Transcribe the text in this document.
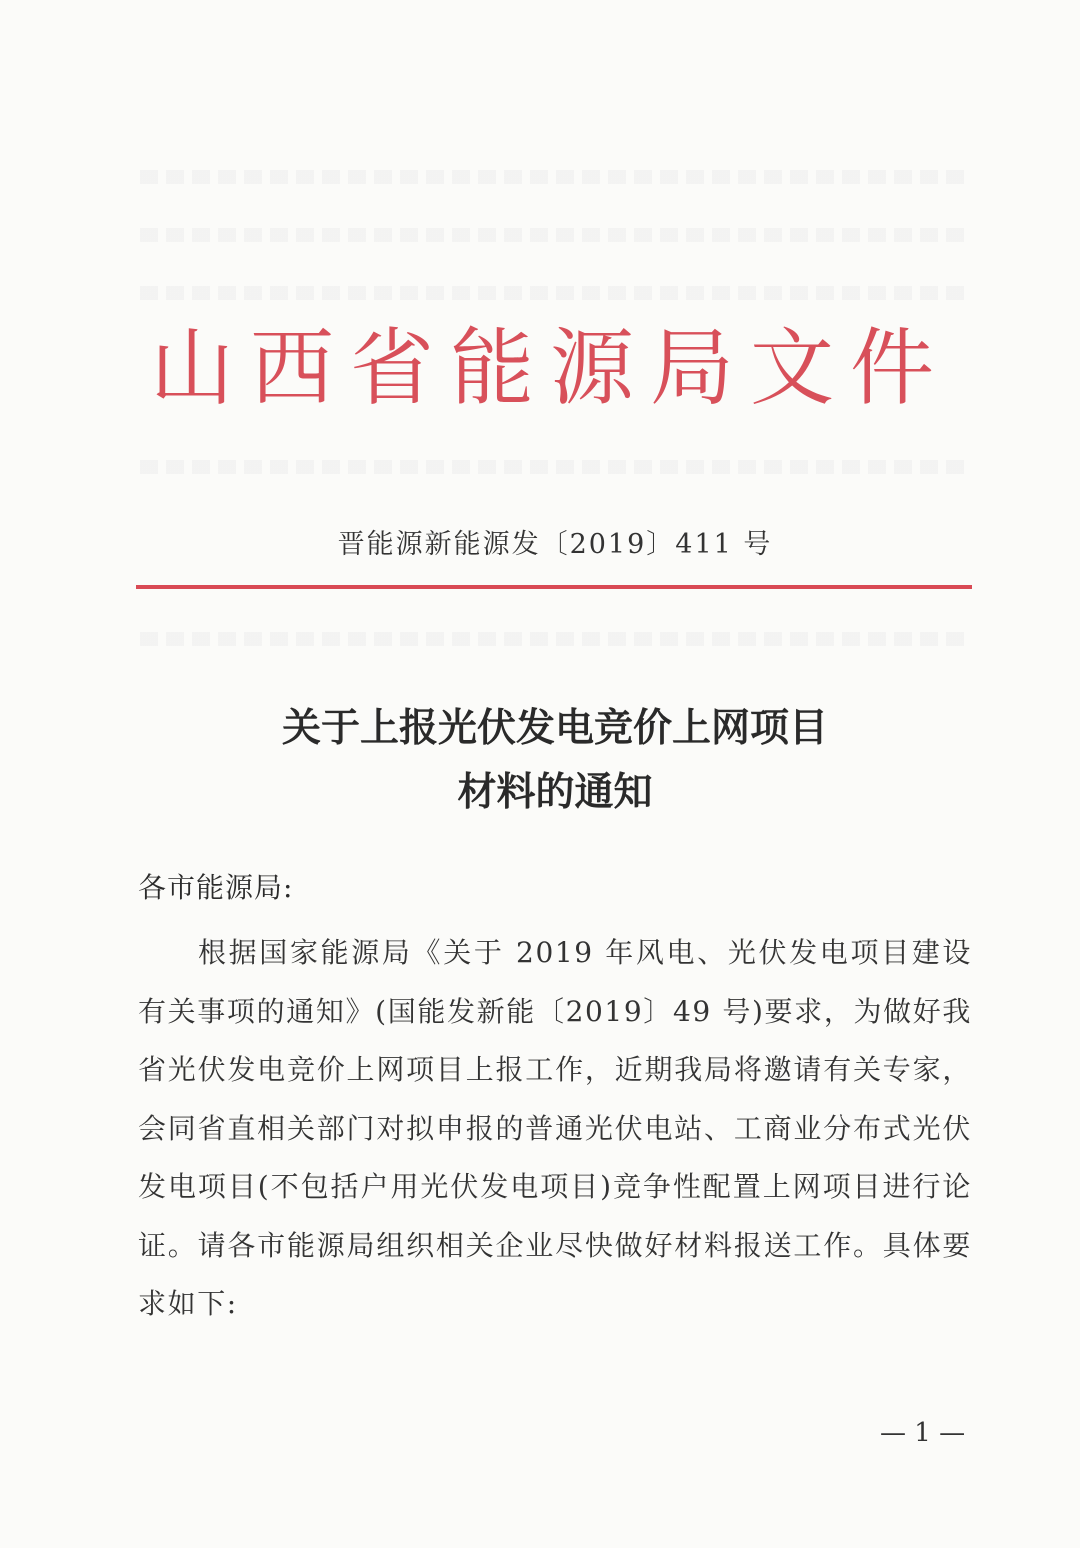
山西省能源局文件
晋能源新能源发〔2019〕411 号
关于上报光伏发电竞价上网项目
材料的通知
各市能源局:
根据国家能源局《关于 2019 年风电、光伏发电项目建设有关事项的通知》(国能发新能〔2019〕49 号)要求，为做好我省光伏发电竞价上网项目上报工作，近期我局将邀请有关专家，会同省直相关部门对拟申报的普通光伏电站、工商业分布式光伏发电项目(不包括户用光伏发电项目)竞争性配置上网项目进行论证。请各市能源局组织相关企业尽快做好材料报送工作。具体要求如下:
— 1 —
